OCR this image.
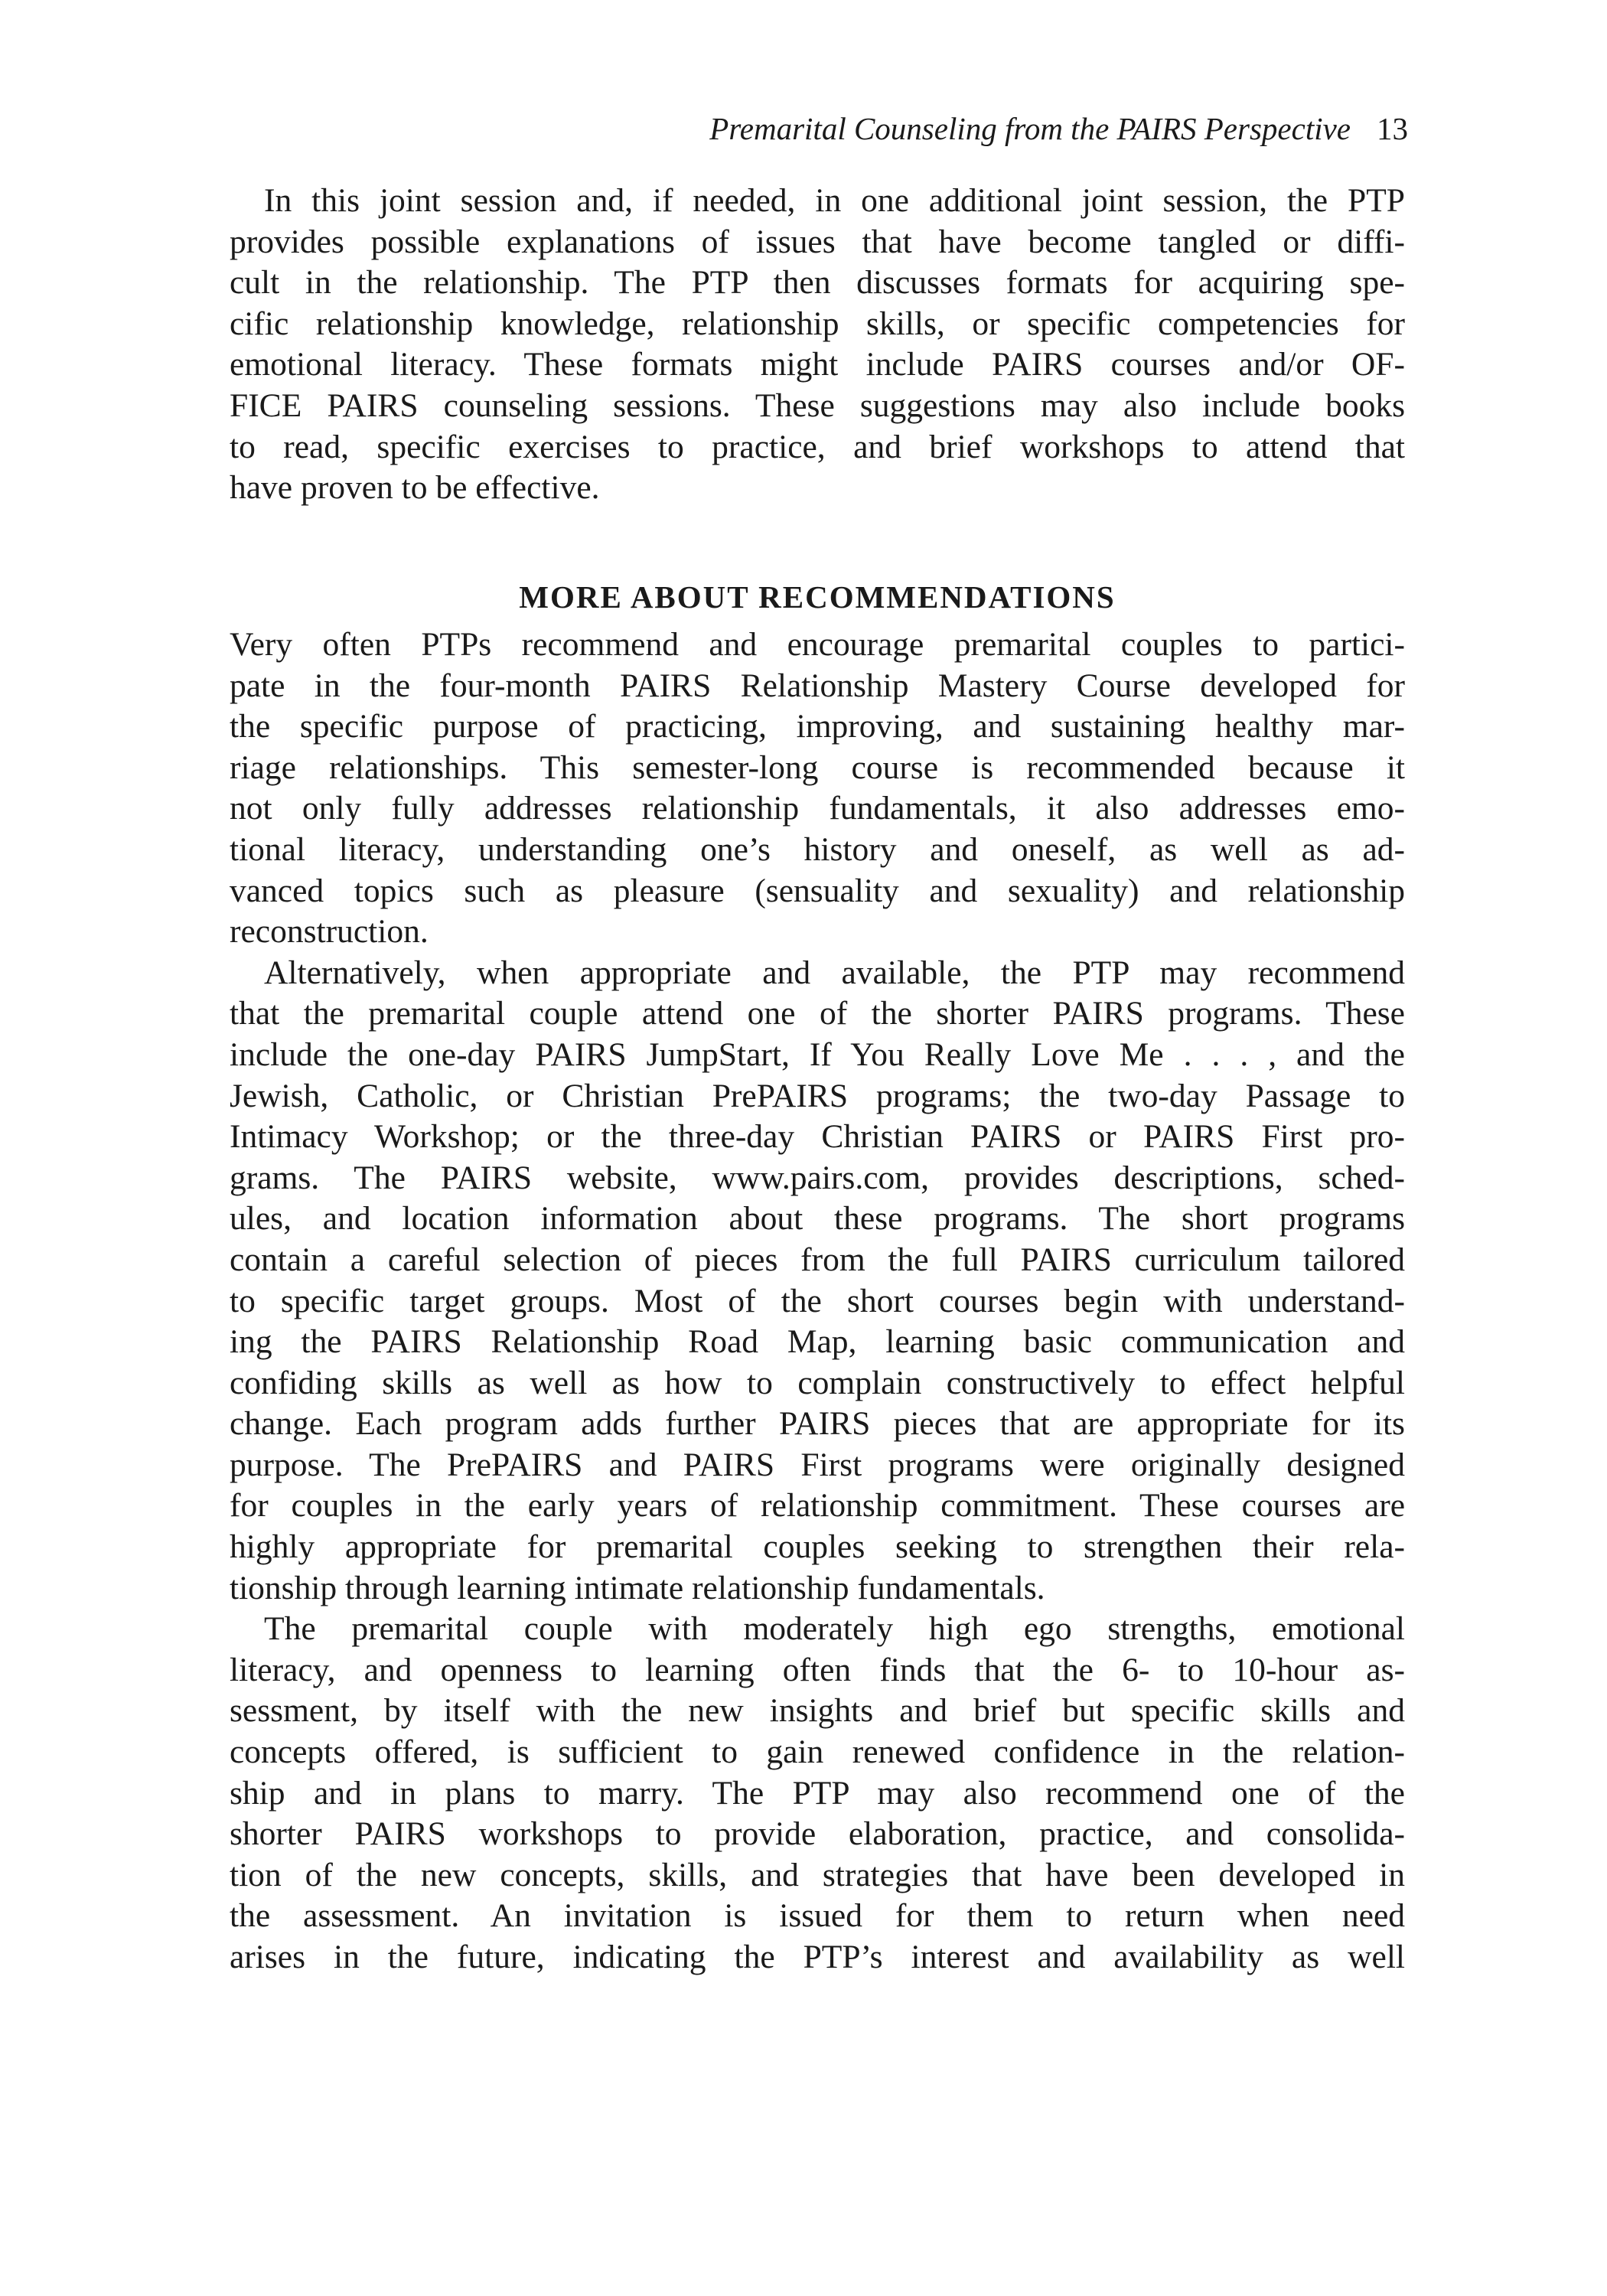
Premarital Counseling from the PAIRS Perspective 13
In this joint session and, if needed, in one additional joint session, the PTP
provides possible explanations of issues that have become tangled or diffi-
cult in the relationship. The PTP then discusses formats for acquiring spe-
cific relationship knowledge, relationship skills, or specific competencies for
emotional literacy. These formats might include PAIRS courses and/or OF-
FICE PAIRS counseling sessions. These suggestions may also include books
to read, specific exercises to practice, and brief workshops to attend that
have proven to be effective.
MORE ABOUT RECOMMENDATIONS
Very often PTPs recommend and encourage premarital couples to partici-
pate in the four-month PAIRS Relationship Mastery Course developed for
the specific purpose of practicing, improving, and sustaining healthy mar-
riage relationships. This semester-long course is recommended because it
not only fully addresses relationship fundamentals, it also addresses emo-
tional literacy, understanding one’s history and oneself, as well as ad-
vanced topics such as pleasure (sensuality and sexuality) and relationship
reconstruction.
Alternatively, when appropriate and available, the PTP may recommend
that the premarital couple attend one of the shorter PAIRS programs. These
include the one-day PAIRS JumpStart, If You Really Love Me . . . , and the
Jewish, Catholic, or Christian PrePAIRS programs; the two-day Passage to
Intimacy Workshop; or the three-day Christian PAIRS or PAIRS First pro-
grams. The PAIRS website, www.pairs.com, provides descriptions, sched-
ules, and location information about these programs. The short programs
contain a careful selection of pieces from the full PAIRS curriculum tailored
to specific target groups. Most of the short courses begin with understand-
ing the PAIRS Relationship Road Map, learning basic communication and
confiding skills as well as how to complain constructively to effect helpful
change. Each program adds further PAIRS pieces that are appropriate for its
purpose. The PrePAIRS and PAIRS First programs were originally designed
for couples in the early years of relationship commitment. These courses are
highly appropriate for premarital couples seeking to strengthen their rela-
tionship through learning intimate relationship fundamentals.
The premarital couple with moderately high ego strengths, emotional
literacy, and openness to learning often finds that the 6- to 10-hour as-
sessment, by itself with the new insights and brief but specific skills and
concepts offered, is sufficient to gain renewed confidence in the relation-
ship and in plans to marry. The PTP may also recommend one of the
shorter PAIRS workshops to provide elaboration, practice, and consolida-
tion of the new concepts, skills, and strategies that have been developed in
the assessment. An invitation is issued for them to return when need
arises in the future, indicating the PTP’s interest and availability as well
